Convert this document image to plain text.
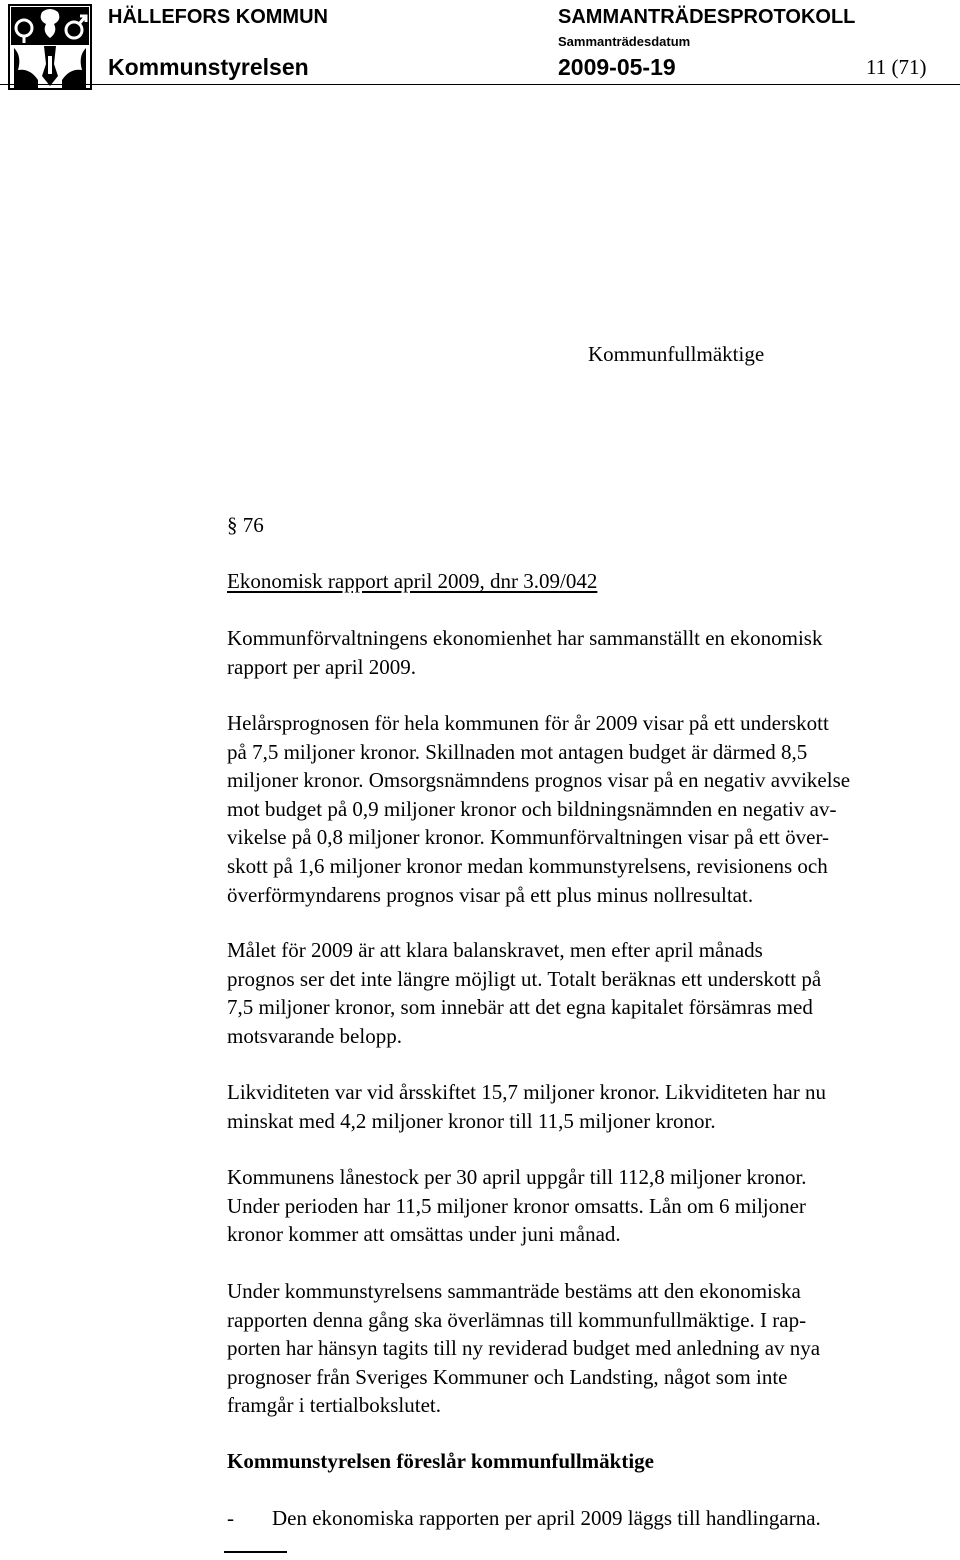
HÄLLEFORS KOMMUN	SAMMANTRÄDESPROTOKOLL
Sammanträdesdatum
Kommunstyrelsen	2009-05-19	11 (71)
Kommunfullmäktige
§ 76
Ekonomisk rapport april 2009, dnr 3.09/042
Kommunförvaltningens ekonomienhet har sammanställt en ekonomisk
rapport per april 2009.
Helårsprognosen för hela kommunen för år 2009 visar på ett underskott
på 7,5 miljoner kronor. Skillnaden mot antagen budget är därmed 8,5
miljoner kronor. Omsorgsnämndens prognos visar på en negativ avvikelse
mot budget på 0,9 miljoner kronor och bildningsnämnden en negativ av-
vikelse på 0,8 miljoner kronor. Kommunförvaltningen visar på ett över-
skott på 1,6 miljoner kronor medan kommunstyrelsens, revisionens och
överförmyndarens prognos visar på ett plus minus nollresultat.
Målet för 2009 är att klara balanskravet, men efter april månads
prognos ser det inte längre möjligt ut. Totalt beräknas ett underskott på
7,5 miljoner kronor, som innebär att det egna kapitalet försämras med
motsvarande belopp.
Likviditeten var vid årsskiftet 15,7 miljoner kronor. Likviditeten har nu
minskat med 4,2 miljoner kronor till 11,5 miljoner kronor.
Kommunens lånestock per 30 april uppgår till 112,8 miljoner kronor.
Under perioden har 11,5 miljoner kronor omsatts. Lån om 6 miljoner
kronor kommer att omsättas under juni månad.
Under kommunstyrelsens sammanträde bestäms att den ekonomiska
rapporten denna gång ska överlämnas till kommunfullmäktige. I rap-
porten har hänsyn tagits till ny reviderad budget med anledning av nya
prognoser från Sveriges Kommuner och Landsting, något som inte
framgår i tertialbokslutet.
Kommunstyrelsen föreslår kommunfullmäktige
- Den ekonomiska rapporten per april 2009 läggs till handlingarna.
